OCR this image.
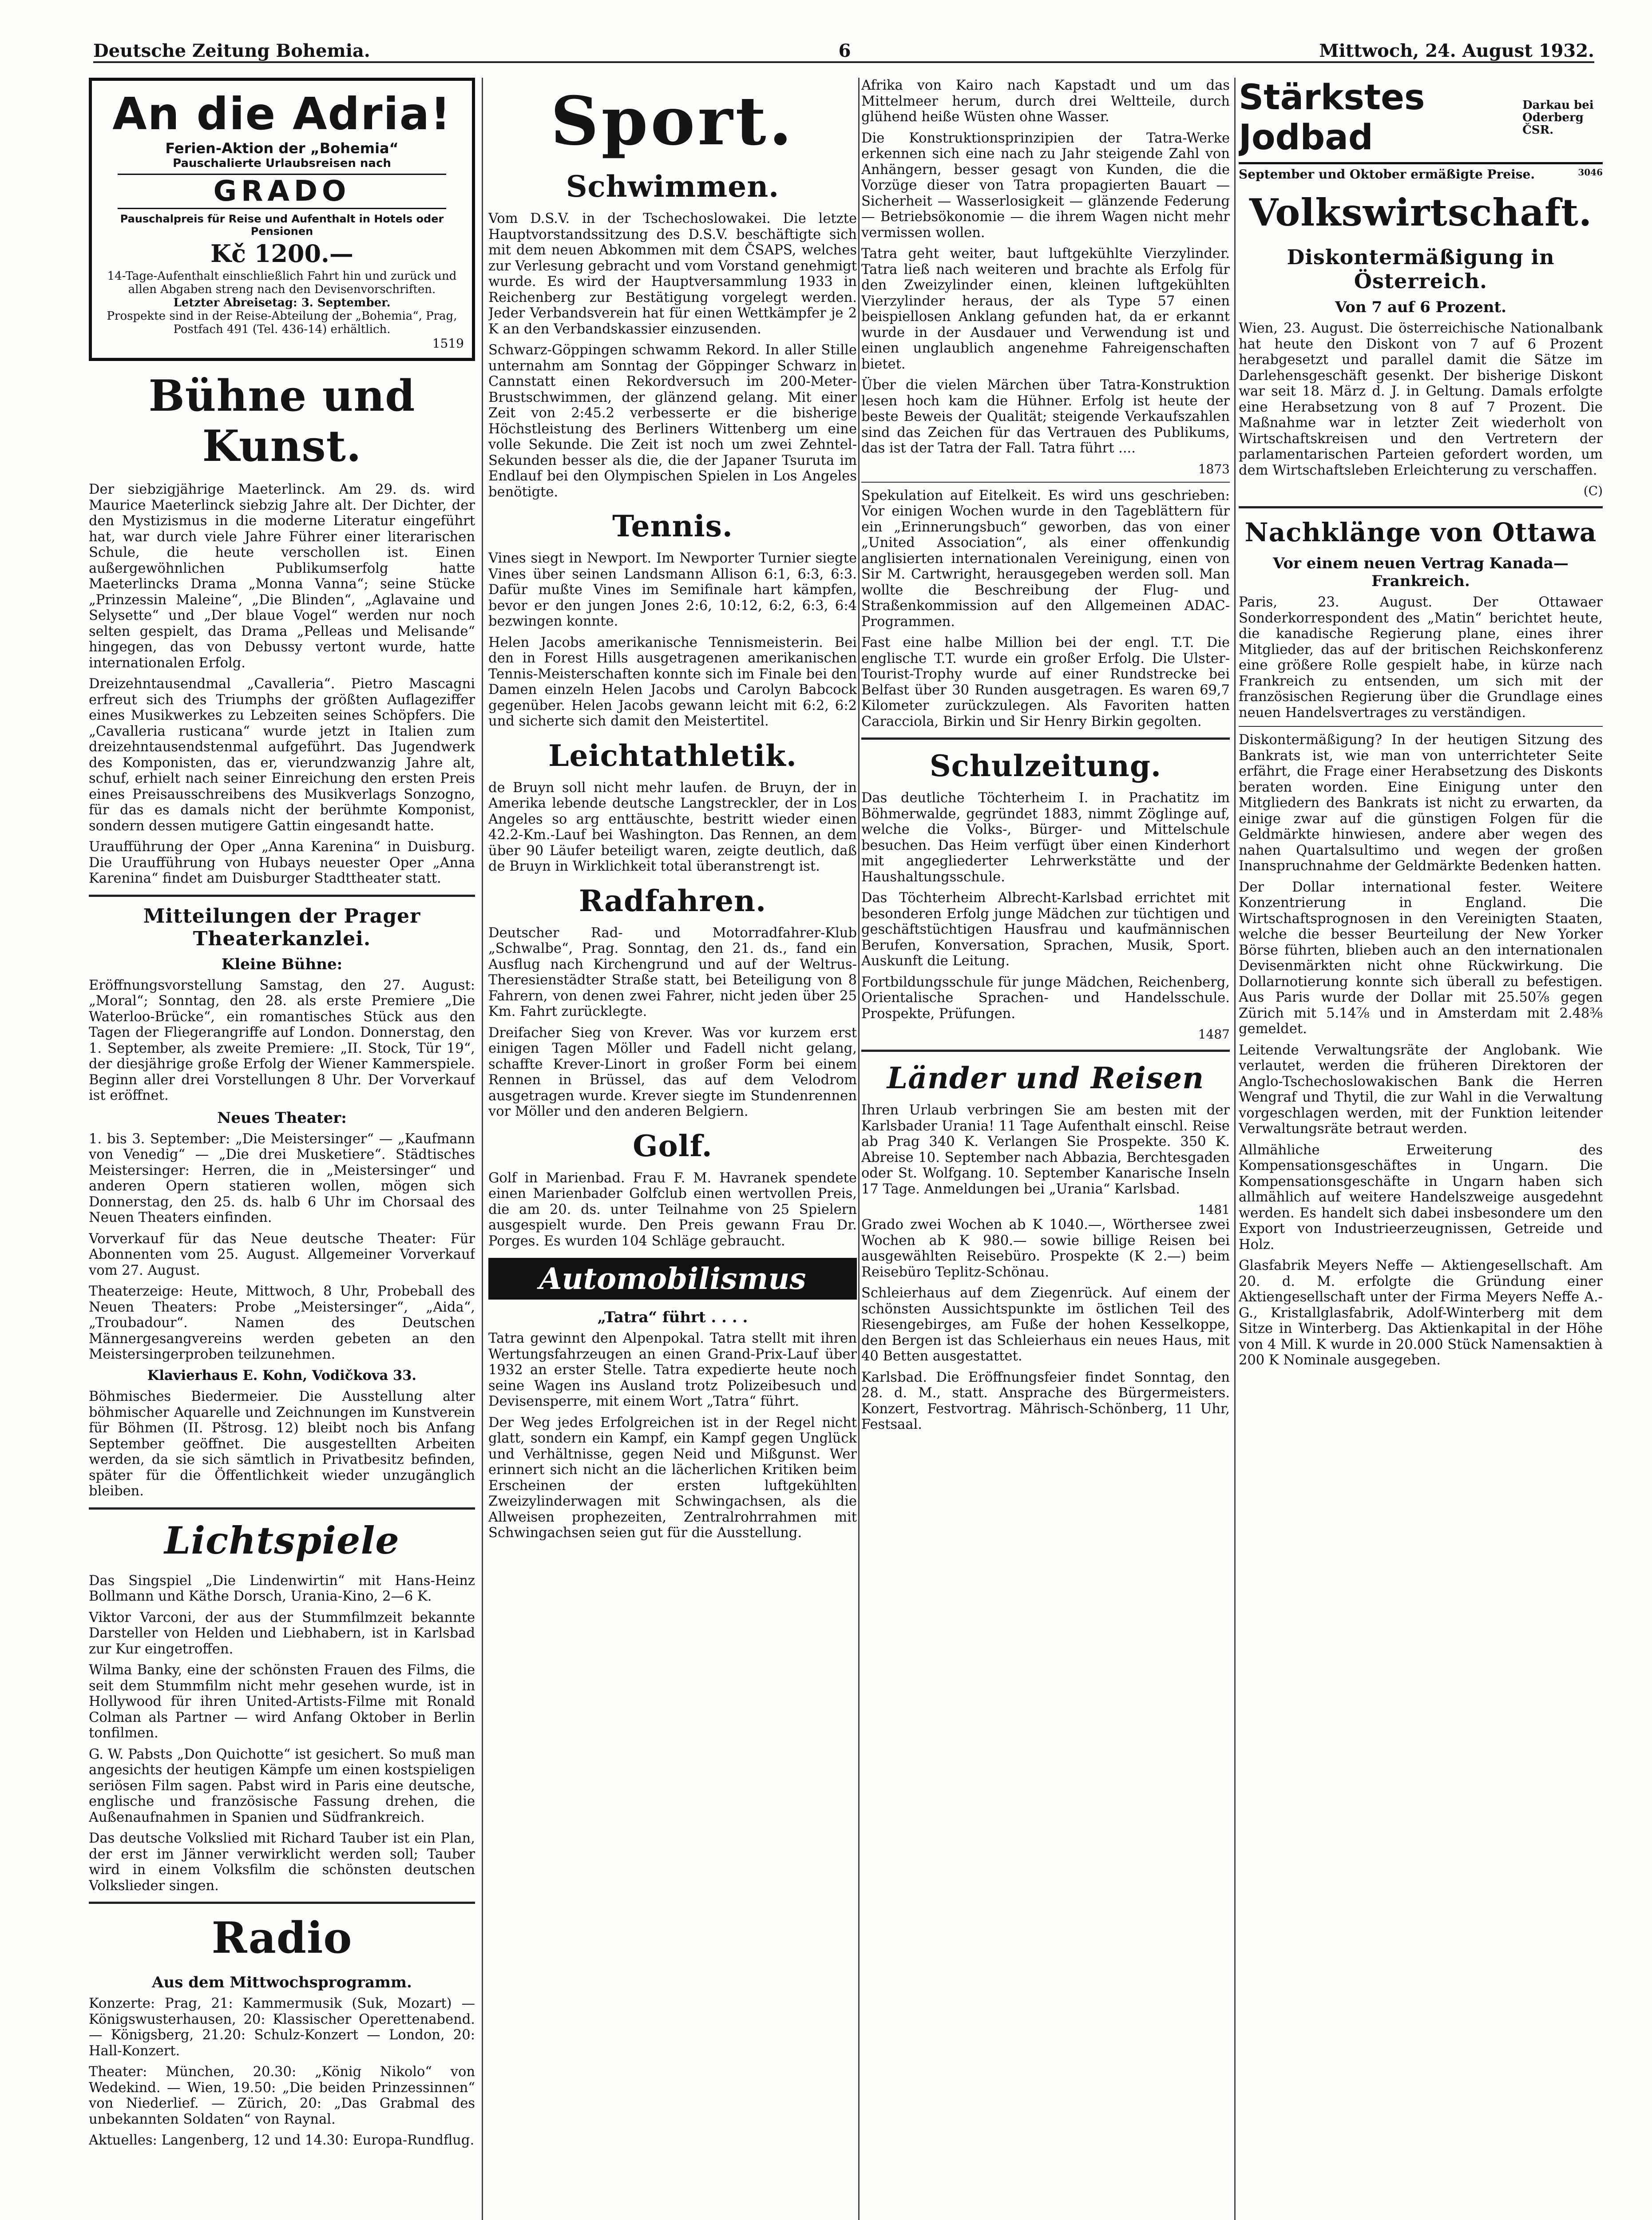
Deutsche Zeitung Bohemia.	6	Mittwoch, 24. August 1932.
An die Adria!
Ferien-Aktion der „Bohemia“
Pauschalierte Urlaubsreisen nach
GRADO
Pauschalpreis für Reise und Aufenthalt in Hotels oder Pensionen
Kč 1200.—
14-Tage-Aufenthalt einschließlich Fahrt hin und zurück und allen Abgaben streng nach den Devisenvorschriften.
Letzter Abreisetag: 3. September.
Prospekte sind in der Reise-Abteilung der „Bohemia“, Prag, Postfach 491 (Tel. 436-14) erhältlich.
1519
Bühne und Kunst.

Der siebzigjährige Maeterlinck. Am 29. ds. wird Maurice Maeterlinck siebzig Jahre alt. Der Dichter, der den Mystizismus in die moderne Literatur eingeführt hat, war durch viele Jahre Führer einer literarischen Schule, die heute verschollen ist. Einen außergewöhnlichen Publikumserfolg hatte Maeterlincks Drama „Monna Vanna“; seine Stücke „Prinzessin Maleine“, „Die Blinden“, „Aglavaine und Selysette“ und „Der blaue Vogel“ werden nur noch selten gespielt, das Drama „Pelleas und Melisande“ hingegen, das von Debussy vertont wurde, hatte internationalen Erfolg.

Dreizehntausendmal „Cavalleria“. Pietro Mascagni erfreut sich des Triumphs der größten Auflageziffer eines Musikwerkes zu Lebzeiten seines Schöpfers. Die „Cavalleria rusticana“ wurde jetzt in Italien zum dreizehntausendstenmal aufgeführt. Das Jugendwerk des Komponisten, das er, vierundzwanzig Jahre alt, schuf, erhielt nach seiner Einreichung den ersten Preis eines Preisausschreibens des Musikverlags Sonzogno, für das es damals nicht der berühmte Komponist, sondern dessen mutigere Gattin eingesandt hatte.

Uraufführung der Oper „Anna Karenina“ in Duisburg. Die Uraufführung von Hubays neuester Oper „Anna Karenina“ findet am Duisburger Stadttheater statt.

Mitteilungen der Prager Theaterkanzlei.
Kleine Bühne:

Eröffnungsvorstellung Samstag, den 27. August: „Moral“; Sonntag, den 28. als erste Premiere „Die Waterloo-Brücke“, ein romantisches Stück aus den Tagen der Fliegerangriffe auf London. Donnerstag, den 1. September, als zweite Premiere: „II. Stock, Tür 19“, der diesjährige große Erfolg der Wiener Kammerspiele. Beginn aller drei Vorstellungen 8 Uhr. Der Vorverkauf ist eröffnet.

Neues Theater:

1. bis 3. September: „Die Meistersinger“ — „Kaufmann von Venedig“ — „Die drei Musketiere“. Städtisches Meistersinger: Herren, die in „Meistersinger“ und anderen Opern statieren wollen, mögen sich Donnerstag, den 25. ds. halb 6 Uhr im Chorsaal des Neuen Theaters einfinden.

Vorverkauf für das Neue deutsche Theater: Für Abonnenten vom 25. August. Allgemeiner Vorverkauf vom 27. August.

Theaterzeige: Heute, Mittwoch, 8 Uhr, Probeball des Neuen Theaters: Probe „Meistersinger“, „Aida“, „Troubadour“. Namen des Deutschen Männergesangvereins werden gebeten an den Meistersingerproben teilzunehmen.

Klavierhaus E. Kohn, Vodičkova 33.

Böhmisches Biedermeier. Die Ausstellung alter böhmischer Aquarelle und Zeichnungen im Kunstverein für Böhmen (II. Pštrosg. 12) bleibt noch bis Anfang September geöffnet. Die ausgestellten Arbeiten werden, da sie sich sämtlich in Privatbesitz befinden, später für die Öffentlichkeit wieder unzugänglich bleiben.

Lichtspiele

Das Singspiel „Die Lindenwirtin“ mit Hans-Heinz Bollmann und Käthe Dorsch, Urania-Kino, 2—6 K.

Viktor Varconi, der aus der Stummfilmzeit bekannte Darsteller von Helden und Liebhabern, ist in Karlsbad zur Kur eingetroffen.

Wilma Banky, eine der schönsten Frauen des Films, die seit dem Stummfilm nicht mehr gesehen wurde, ist in Hollywood für ihren United-Artists-Filme mit Ronald Colman als Partner — wird Anfang Oktober in Berlin tonfilmen.

G. W. Pabsts „Don Quichotte“ ist gesichert. So muß man angesichts der heutigen Kämpfe um einen kostspieligen seriösen Film sagen. Pabst wird in Paris eine deutsche, englische und französische Fassung drehen, die Außenaufnahmen in Spanien und Südfrankreich.

Das deutsche Volkslied mit Richard Tauber ist ein Plan, der erst im Jänner verwirklicht werden soll; Tauber wird in einem Volksfilm die schönsten deutschen Volkslieder singen.

Radio
Aus dem Mittwochsprogramm.

Konzerte: Prag, 21: Kammermusik (Suk, Mozart) — Königswusterhausen, 20: Klassischer Operettenabend. — Königsberg, 21.20: Schulz-Konzert — London, 20: Hall-Konzert.

Theater: München, 20.30: „König Nikolo“ von Wedekind. — Wien, 19.50: „Die beiden Prinzessinnen“ von Niederlief. — Zürich, 20: „Das Grabmal des unbekannten Soldaten“ von Raynal.

Aktuelles: Langenberg, 12 und 14.30: Europa-Rundflug.

Sport.
Schwimmen.

Vom D.S.V. in der Tschechoslowakei. Die letzte Hauptvorstandssitzung des D.S.V. beschäftigte sich mit dem neuen Abkommen mit dem ČSAPS, welches zur Verlesung gebracht und vom Vorstand genehmigt wurde. Es wird der Hauptversammlung 1933 in Reichenberg zur Bestätigung vorgelegt werden. Jeder Verbandsverein hat für einen Wettkämpfer je 2 K an den Verbandskassier einzusenden.

Schwarz-Göppingen schwamm Rekord. In aller Stille unternahm am Sonntag der Göppinger Schwarz in Cannstatt einen Rekordversuch im 200-Meter-Brustschwimmen, der glänzend gelang. Mit einer Zeit von 2:45.2 verbesserte er die bisherige Höchstleistung des Berliners Wittenberg um eine volle Sekunde. Die Zeit ist noch um zwei Zehntel-Sekunden besser als die, die der Japaner Tsuruta im Endlauf bei den Olympischen Spielen in Los Angeles benötigte.

Tennis.

Vines siegt in Newport. Im Newporter Turnier siegte Vines über seinen Landsmann Allison 6:1, 6:3, 6:3. Dafür mußte Vines im Semifinale hart kämpfen, bevor er den jungen Jones 2:6, 10:12, 6:2, 6:3, 6:4 bezwingen konnte.

Helen Jacobs amerikanische Tennismeisterin. Bei den in Forest Hills ausgetragenen amerikanischen Tennis-Meisterschaften konnte sich im Finale bei den Damen einzeln Helen Jacobs und Carolyn Babcock gegenüber. Helen Jacobs gewann leicht mit 6:2, 6:2 und sicherte sich damit den Meistertitel.

Leichtathletik.

de Bruyn soll nicht mehr laufen. de Bruyn, der in Amerika lebende deutsche Langstreckler, der in Los Angeles so arg enttäuschte, bestritt wieder einen 42.2-Km.-Lauf bei Washington. Das Rennen, an dem über 90 Läufer beteiligt waren, zeigte deutlich, daß de Bruyn in Wirklichkeit total überanstrengt ist.

Radfahren.

Deutscher Rad- und Motorradfahrer-Klub „Schwalbe“, Prag. Sonntag, den 21. ds., fand ein Ausflug nach Kirchengrund und auf der Weltrus-Theresienstädter Straße statt, bei Beteiligung von 8 Fahrern, von denen zwei Fahrer, nicht jeden über 25 Km. Fahrt zurücklegte.

Dreifacher Sieg von Krever. Was vor kurzem erst einigen Tagen Möller und Fadell nicht gelang, schaffte Krever-Linort in großer Form bei einem Rennen in Brüssel, das auf dem Velodrom ausgetragen wurde. Krever siegte im Stundenrennen vor Möller und den anderen Belgiern.

Golf.

Golf in Marienbad. Frau F. M. Havranek spendete einen Marienbader Golfclub einen wertvollen Preis, die am 20. ds. unter Teilnahme von 25 Spielern ausgespielt wurde. Den Preis gewann Frau Dr. Porges. Es wurden 104 Schläge gebraucht.

Automobilismus
„Tatra“ führt . . . .

Tatra gewinnt den Alpenpokal. Tatra stellt mit ihren Wertungsfahrzeugen an einen Grand-Prix-Lauf über 1932 an erster Stelle. Tatra expedierte heute noch seine Wagen ins Ausland trotz Polizeibesuch und Devisensperre, mit einem Wort „Tatra“ führt.

Der Weg jedes Erfolgreichen ist in der Regel nicht glatt, sondern ein Kampf, ein Kampf gegen Unglück und Verhältnisse, gegen Neid und Mißgunst. Wer erinnert sich nicht an die lächerlichen Kritiken beim Erscheinen der ersten luftgekühlten Zweizylinderwagen mit Schwingachsen, als die Allweisen prophezeiten, Zentralrohrrahmen mit Schwingachsen seien gut für die Ausstellung.

Afrika von Kairo nach Kapstadt und um das Mittelmeer herum, durch drei Weltteile, durch glühend heiße Wüsten ohne Wasser.

Die Konstruktionsprinzipien der Tatra-Werke erkennen sich eine nach zu Jahr steigende Zahl von Anhängern, besser gesagt von Kunden, die die Vorzüge dieser von Tatra propagierten Bauart — Sicherheit — Wasserlosigkeit — glänzende Federung — Betriebsökonomie — die ihrem Wagen nicht mehr vermissen wollen.

Tatra geht weiter, baut luftgekühlte Vierzylinder. Tatra ließ nach weiteren und brachte als Erfolg für den Zweizylinder einen, kleinen luftgekühlten Vierzylinder heraus, der als Type 57 einen beispiellosen Anklang gefunden hat, da er erkannt wurde in der Ausdauer und Verwendung ist und einen unglaublich angenehme Fahreigenschaften bietet.

Über die vielen Märchen über Tatra-Konstruktion lesen hoch kam die Hühner. Erfolg ist heute der beste Beweis der Qualität; steigende Verkaufszahlen sind das Zeichen für das Vertrauen des Publikums, das ist der Tatra der Fall. Tatra führt ....

1873

Spekulation auf Eitelkeit. Es wird uns geschrieben: Vor einigen Wochen wurde in den Tageblättern für ein „Erinnerungsbuch“ geworben, das von einer „United Association“, als einer offenkundig anglisierten internationalen Vereinigung, einen von Sir M. Cartwright, herausgegeben werden soll. Man wollte die Beschreibung der Flug- und Straßenkommission auf den Allgemeinen ADAC-Programmen.

Fast eine halbe Million bei der engl. T.T. Die englische T.T. wurde ein großer Erfolg. Die Ulster-Tourist-Trophy wurde auf einer Rundstrecke bei Belfast über 30 Runden ausgetragen. Es waren 69,7 Kilometer zurückzulegen. Als Favoriten hatten Caracciola, Birkin und Sir Henry Birkin gegolten.

Schulzeitung.

Das deutliche Töchterheim I. in Prachatitz im Böhmerwalde, gegründet 1883, nimmt Zöglinge auf, welche die Volks-, Bürger- und Mittelschule besuchen. Das Heim verfügt über einen Kinderhort mit angegliederter Lehrwerkstätte und der Haushaltungsschule.

Das Töchterheim Albrecht-Karlsbad errichtet mit besonderen Erfolg junge Mädchen zur tüchtigen und geschäftstüchtigen Hausfrau und kaufmännischen Berufen, Konversation, Sprachen, Musik, Sport. Auskunft die Leitung.

Fortbildungsschule für junge Mädchen, Reichenberg, Orientalische Sprachen- und Handelsschule. Prospekte, Prüfungen.

1487
Länder und Reisen

Ihren Urlaub verbringen Sie am besten mit der Karlsbader Urania! 11 Tage Aufenthalt einschl. Reise ab Prag 340 K. Verlangen Sie Prospekte. 350 K. Abreise 10. September nach Abbazia, Berchtesgaden oder St. Wolfgang. 10. September Kanarische Inseln 17 Tage. Anmeldungen bei „Urania“ Karlsbad.

1481

Grado zwei Wochen ab K 1040.—, Wörthersee zwei Wochen ab K 980.— sowie billige Reisen bei ausgewählten Reisebüro. Prospekte (K 2.—) beim Reisebüro Teplitz-Schönau.

Schleierhaus auf dem Ziegenrück. Auf einem der schönsten Aussichtspunkte im östlichen Teil des Riesengebirges, am Fuße der hohen Kesselkoppe, den Bergen ist das Schleierhaus ein neues Haus, mit 40 Betten ausgestattet.

Karlsbad. Die Eröffnungsfeier findet Sonntag, den 28. d. M., statt. Ansprache des Bürgermeisters. Konzert, Festvortrag. Mährisch-Schönberg, 11 Uhr, Festsaal.

Stärkstes Jodbad
Darkau bei
Oderberg ČSR.
September und Oktober ermäßigte Preise.	3046
Volkswirtschaft.
Diskontermäßigung in Österreich.
Von 7 auf 6 Prozent.

Wien, 23. August. Die österreichische Nationalbank hat heute den Diskont von 7 auf 6 Prozent herabgesetzt und parallel damit die Sätze im Darlehensgeschäft gesenkt. Der bisherige Diskont war seit 18. März d. J. in Geltung. Damals erfolgte eine Herabsetzung von 8 auf 7 Prozent. Die Maßnahme war in letzter Zeit wiederholt von Wirtschaftskreisen und den Vertretern der parlamentarischen Parteien gefordert worden, um dem Wirtschaftsleben Erleichterung zu verschaffen.

(C)
Nachklänge von Ottawa
Vor einem neuen Vertrag Kanada—Frankreich.

Paris, 23. August. Der Ottawaer Sonderkorrespondent des „Matin“ berichtet heute, die kanadische Regierung plane, eines ihrer Mitglieder, das auf der britischen Reichskonferenz eine größere Rolle gespielt habe, in kürze nach Frankreich zu entsenden, um sich mit der französischen Regierung über die Grundlage eines neuen Handelsvertrages zu verständigen.

Diskontermäßigung? In der heutigen Sitzung des Bankrats ist, wie man von unterrichteter Seite erfährt, die Frage einer Herabsetzung des Diskonts beraten worden. Eine Einigung unter den Mitgliedern des Bankrats ist nicht zu erwarten, da einige zwar auf die günstigen Folgen für die Geldmärkte hinwiesen, andere aber wegen des nahen Quartalsultimo und wegen der großen Inanspruchnahme der Geldmärkte Bedenken hatten.

Der Dollar international fester. Weitere Konzentrierung in England. Die Wirtschaftsprognosen in den Vereinigten Staaten, welche die besser Beurteilung der New Yorker Börse führten, blieben auch an den internationalen Devisenmärkten nicht ohne Rückwirkung. Die Dollarnotierung konnte sich überall zu befestigen. Aus Paris wurde der Dollar mit 25.50⅞ gegen Zürich mit 5.14⅞ und in Amsterdam mit 2.48⅜ gemeldet.

Leitende Verwaltungsräte der Anglobank. Wie verlautet, werden die früheren Direktoren der Anglo-Tschechoslowakischen Bank die Herren Wengraf und Thytil, die zur Wahl in die Verwaltung vorgeschlagen werden, mit der Funktion leitender Verwaltungsräte betraut werden.

Allmähliche Erweiterung des Kompensationsgeschäftes in Ungarn. Die Kompensationsgeschäfte in Ungarn haben sich allmählich auf weitere Handelszweige ausgedehnt werden. Es handelt sich dabei insbesondere um den Export von Industrieerzeugnissen, Getreide und Holz.

Glasfabrik Meyers Neffe — Aktiengesellschaft. Am 20. d. M. erfolgte die Gründung einer Aktiengesellschaft unter der Firma Meyers Neffe A.-G., Kristallglasfabrik, Adolf-Winterberg mit dem Sitze in Winterberg. Das Aktienkapital in der Höhe von 4 Mill. K wurde in 20.000 Stück Namensaktien à 200 K Nominale ausgegeben.
